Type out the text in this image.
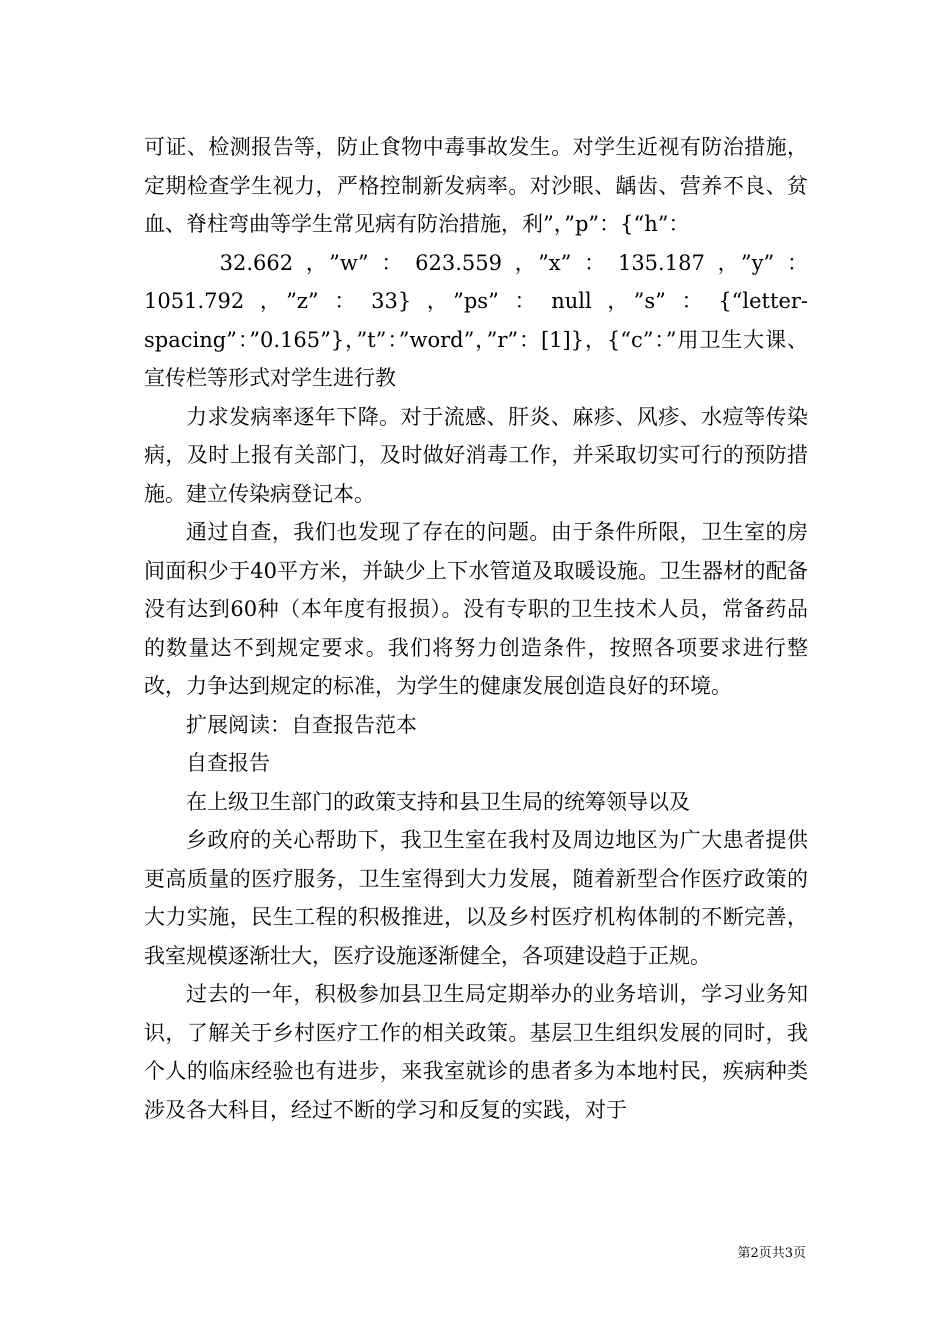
可证、检测报告等，防止食物中毒事故发生。对学生近视有防治措施，定期检查学生视力，严格控制新发病率。对沙眼、龋齿、营养不良、贫血、脊柱弯曲等学生常见病有防治措施，利”，”p”：{“h”：

32.662，”w”：623.559，”x”：135.187，”y”：1051.792，”z”：33}，”ps”：null，”s”：{“letter-spacing”：”0.165”}，”t”：”word”，”r”：[1]}，{“c”：”用卫生大课、宣传栏等形式对学生进行教

力求发病率逐年下降。对于流感、肝炎、麻疹、风疹、水痘等传染病，及时上报有关部门，及时做好消毒工作，并采取切实可行的预防措施。建立传染病登记本。

通过自查，我们也发现了存在的问题。由于条件所限，卫生室的房间面积少于40平方米，并缺少上下水管道及取暖设施。卫生器材的配备没有达到60种（本年度有报损）。没有专职的卫生技术人员，常备药品的数量达不到规定要求。我们将努力创造条件，按照各项要求进行整改，力争达到规定的标准，为学生的健康发展创造良好的环境。

扩展阅读：自查报告范本

自查报告

在上级卫生部门的政策支持和县卫生局的统筹领导以及

乡政府的关心帮助下，我卫生室在我村及周边地区为广大患者提供更高质量的医疗服务，卫生室得到大力发展，随着新型合作医疗政策的大力实施，民生工程的积极推进，以及乡村医疗机构体制的不断完善，我室规模逐渐壮大，医疗设施逐渐健全，各项建设趋于正规。

过去的一年，积极参加县卫生局定期举办的业务培训，学习业务知识，了解关于乡村医疗工作的相关政策。基层卫生组织发展的同时，我个人的临床经验也有进步，来我室就诊的患者多为本地村民，疾病种类涉及各大科目，经过不断的学习和反复的实践，对于

第2页共3页
